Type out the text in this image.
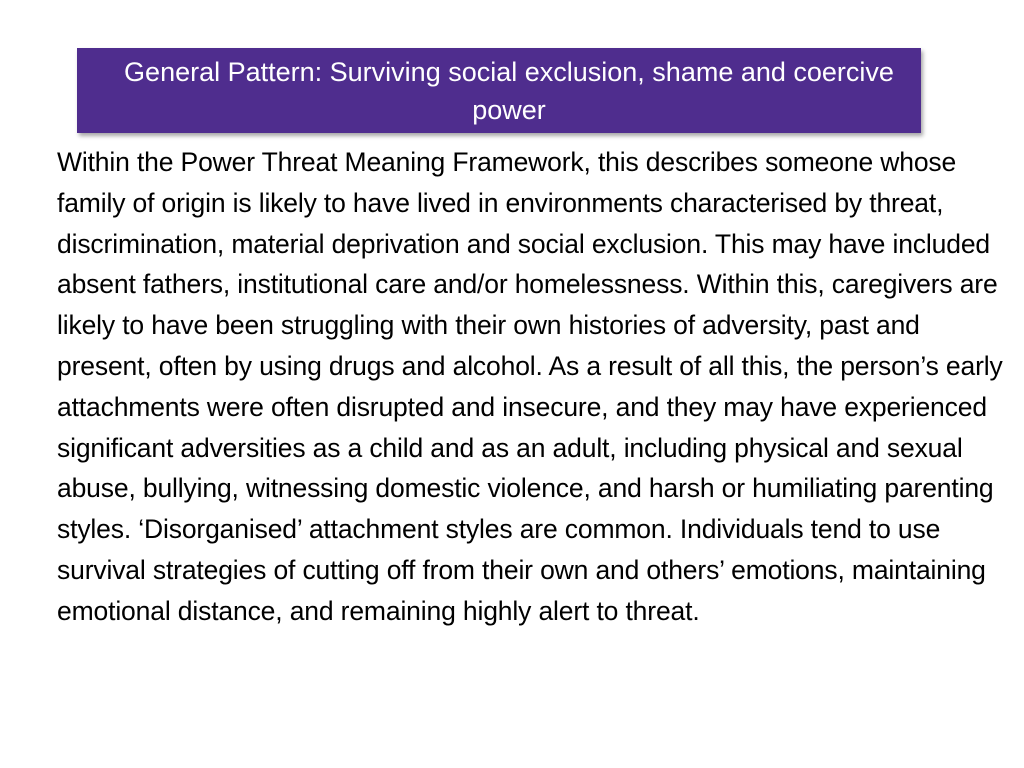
General Pattern: Surviving social exclusion, shame and coercive power

Within the Power Threat Meaning Framework, this describes someone whose family of origin is likely to have lived in environments characterised by threat, discrimination, material deprivation and social exclusion. This may have included absent fathers, institutional care and/or homelessness. Within this, caregivers are likely to have been struggling with their own histories of adversity, past and present, often by using drugs and alcohol. As a result of all this, the person’s early attachments were often disrupted and insecure, and they may have experienced significant adversities as a child and as an adult, including physical and sexual abuse, bullying, witnessing domestic violence, and harsh or humiliating parenting styles. ‘Disorganised’ attachment styles are common. Individuals tend to use survival strategies of cutting off from their own and others’ emotions, maintaining emotional distance, and remaining highly alert to threat.
